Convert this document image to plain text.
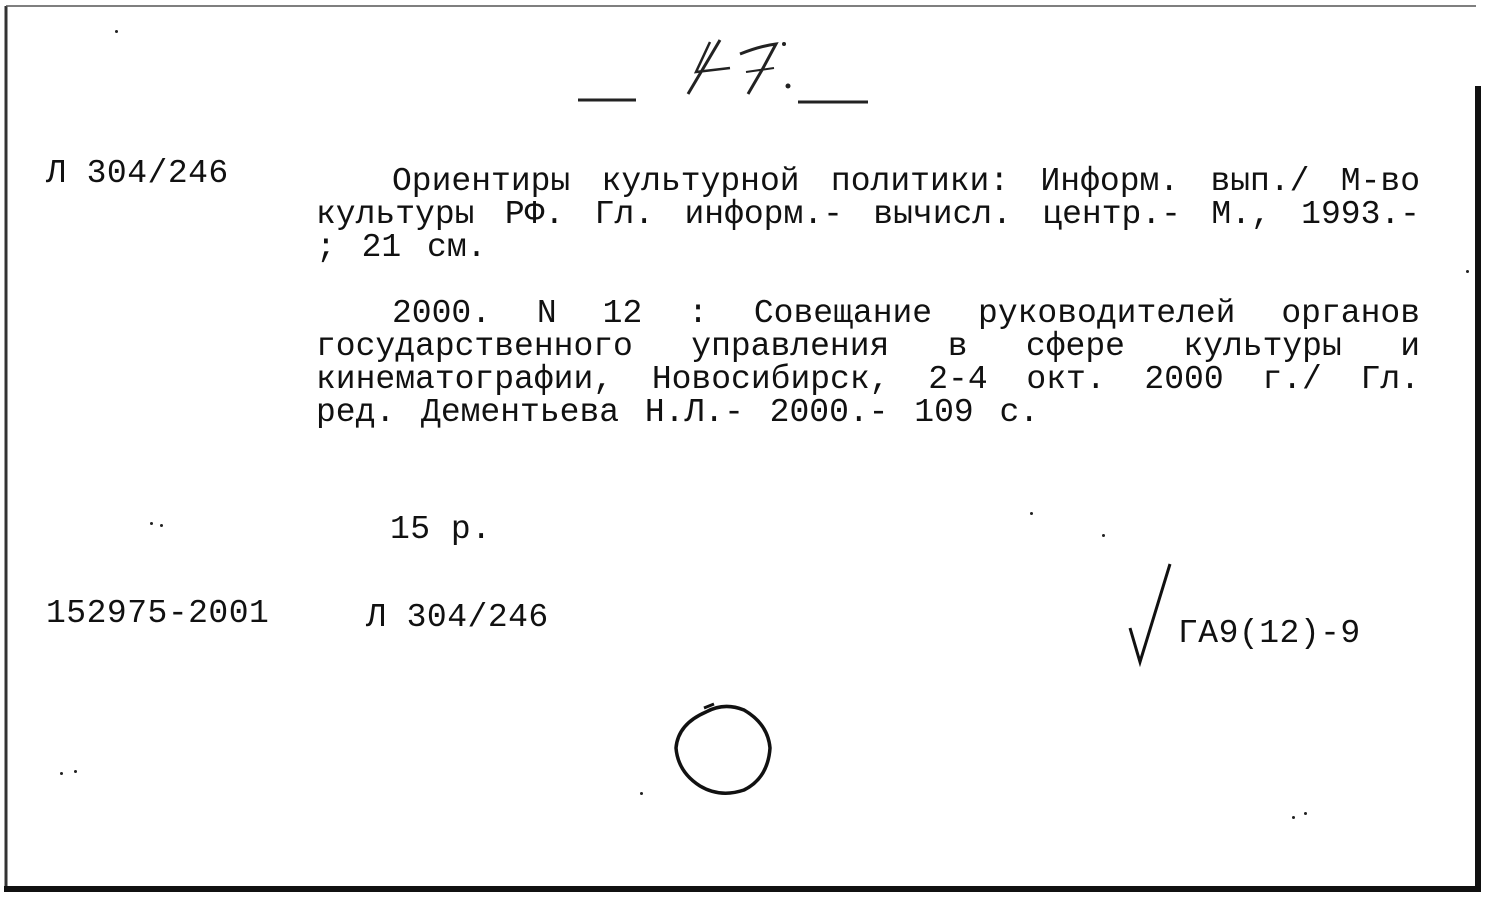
Л 304/246	Ориентиры культурной политики: Информ. вып./ М-во культуры РФ. Гл. информ.- вычисл. центр.- М., 1993.- ; 21 см.
2000. N 12 : Совещание руководителей органов государственного управления в сфере культуры и кинематографии, Новосибирск, 2-4 окт. 2000 г./ Гл. ред. Дементьева Н.Л.- 2000.- 109 с.
15 р.
152975-2001	Л 304/246	ГА9(12)-9
